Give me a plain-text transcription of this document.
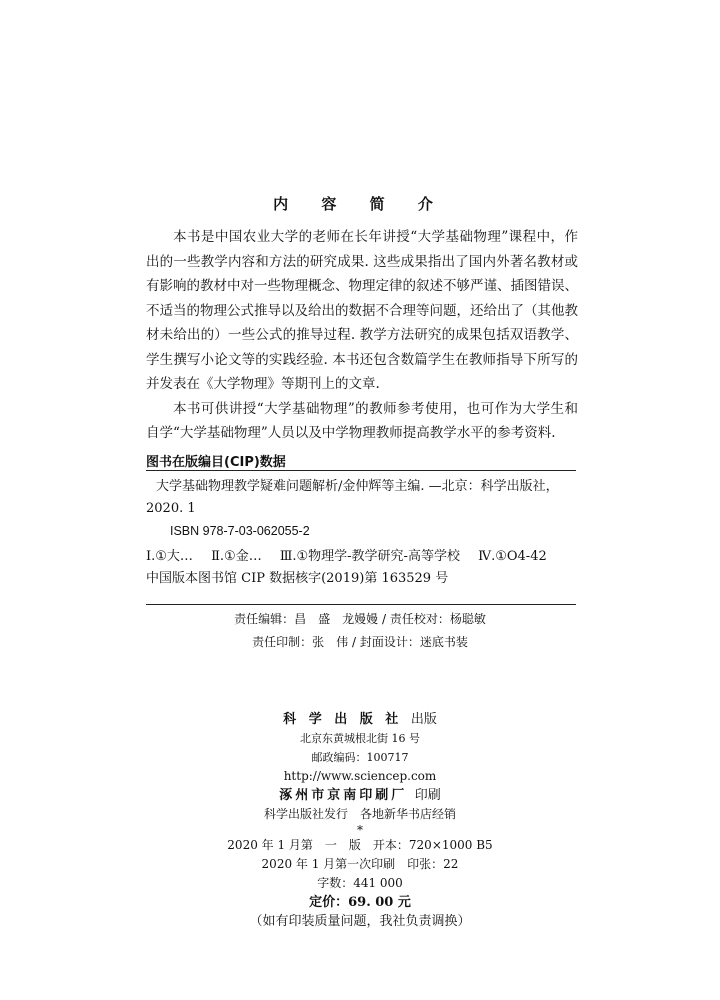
内 容 简 介

本书是中国农业大学的老师在长年讲授“大学基础物理”课程中，作出的一些教学内容和方法的研究成果. 这些成果指出了国内外著名教材或有影响的教材中对一些物理概念、物理定律的叙述不够严谨、插图错误、不适当的物理公式推导以及给出的数据不合理等问题，还给出了（其他教材未给出的）一些公式的推导过程. 教学方法研究的成果包括双语教学、学生撰写小论文等的实践经验. 本书还包含数篇学生在教师指导下所写的并发表在《大学物理》等期刊上的文章.

本书可供讲授“大学基础物理”的教师参考使用，也可作为大学生和自学“大学基础物理”人员以及中学物理教师提高教学水平的参考资料.

图书在版编目(CIP)数据
大学基础物理教学疑难问题解析/金仲辉等主编. —北京：科学出版社，
2020. 1
ISBN 978-7-03-062055-2
Ⅰ.①大… Ⅱ.①金… Ⅲ.①物理学-教学研究-高等学校 Ⅳ.①O4-42
中国版本图书馆 CIP 数据核字(2019)第 163529 号
责任编辑：昌　盛　龙嫚嫚 / 责任校对：杨聪敏
责任印制：张　伟 / 封面设计：迷底书装
科 学 出 版 社 出版
北京东黄城根北街 16 号
邮政编码：100717
http://www.sciencep.com
涿州市京南印刷厂 印刷
科学出版社发行　各地新华书店经销
*
2020 年 1 月第　一　版　开本：720×1000 B5
2020 年 1 月第一次印刷　印张：22
字数：441 000
定价：69. 00 元
（如有印装质量问题，我社负责调换）
